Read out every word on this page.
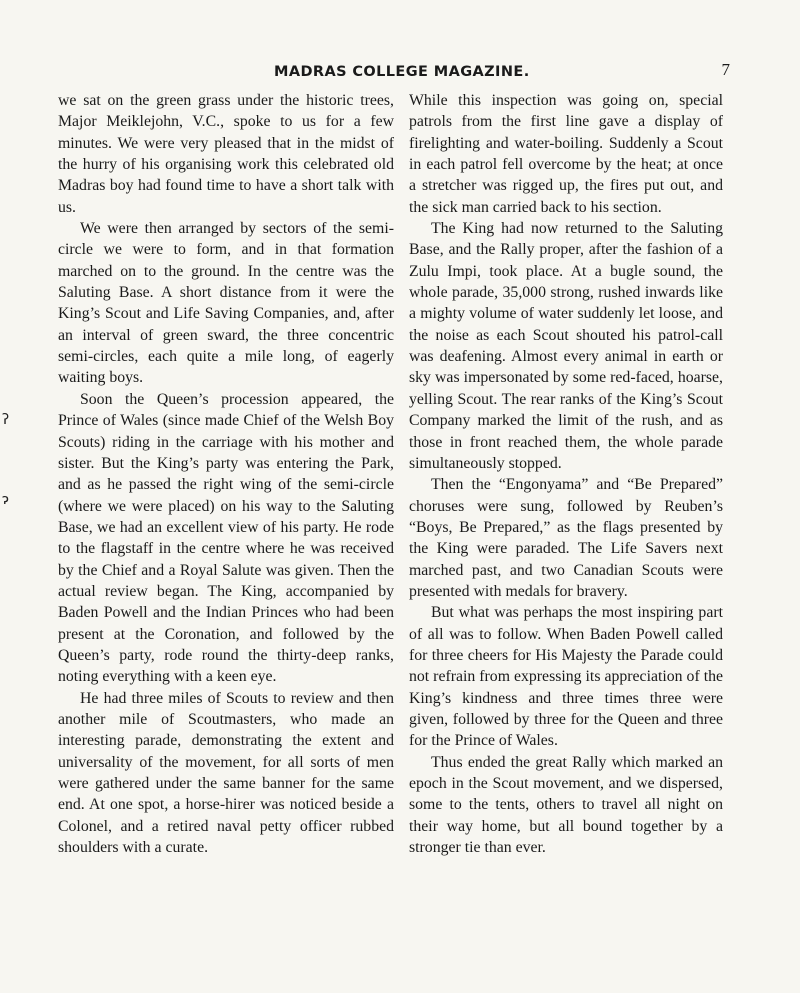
MADRAS COLLEGE MAGAZINE.	7
ʔ
ɂ

we sat on the green grass under the historic trees, Major Meiklejohn, V.C., spoke to us for a few minutes. We were very pleased that in the midst of the hurry of his organising work this celebrated old Madras boy had found time to have a short talk with us.

We were then arranged by sectors of the semi-circle we were to form, and in that formation marched on to the ground. In the centre was the Saluting Base. A short distance from it were the King’s Scout and Life Saving Companies, and, after an interval of green sward, the three concentric semi-circles, each quite a mile long, of eagerly waiting boys.

Soon the Queen’s procession appeared, the Prince of Wales (since made Chief of the Welsh Boy Scouts) riding in the carriage with his mother and sister. But the King’s party was entering the Park, and as he passed the right wing of the semi-circle (where we were placed) on his way to the Saluting Base, we had an excellent view of his party. He rode to the flagstaff in the centre where he was received by the Chief and a Royal Salute was given. Then the actual review began. The King, accompanied by Baden Powell and the Indian Princes who had been present at the Coronation, and followed by the Queen’s party, rode round the thirty-deep ranks, noting everything with a keen eye.

He had three miles of Scouts to review and then another mile of Scoutmasters, who made an interesting parade, demonstrating the extent and universality of the movement, for all sorts of men were gathered under the same banner for the same end. At one spot, a horse-hirer was noticed beside a Colonel, and a retired naval petty officer rubbed shoulders with a curate.

While this inspection was going on, special patrols from the first line gave a display of firelighting and water-boiling. Suddenly a Scout in each patrol fell overcome by the heat; at once a stretcher was rigged up, the fires put out, and the sick man carried back to his section.

The King had now returned to the Saluting Base, and the Rally proper, after the fashion of a Zulu Impi, took place. At a bugle sound, the whole parade, 35,000 strong, rushed inwards like a mighty volume of water suddenly let loose, and the noise as each Scout shouted his patrol-call was deafening. Almost every animal in earth or sky was impersonated by some red-faced, hoarse, yelling Scout. The rear ranks of the King’s Scout Company marked the limit of the rush, and as those in front reached them, the whole parade simultaneously stopped.

Then the “Engonyama” and “Be Prepared” choruses were sung, followed by Reuben’s “Boys, Be Prepared,” as the flags presented by the King were paraded. The Life Savers next marched past, and two Canadian Scouts were presented with medals for bravery.

But what was perhaps the most inspiring part of all was to follow. When Baden Powell called for three cheers for His Majesty the Parade could not refrain from expressing its appreciation of the King’s kindness and three times three were given, followed by three for the Queen and three for the Prince of Wales.

Thus ended the great Rally which marked an epoch in the Scout movement, and we dispersed, some to the tents, others to travel all night on their way home, but all bound together by a stronger tie than ever.
